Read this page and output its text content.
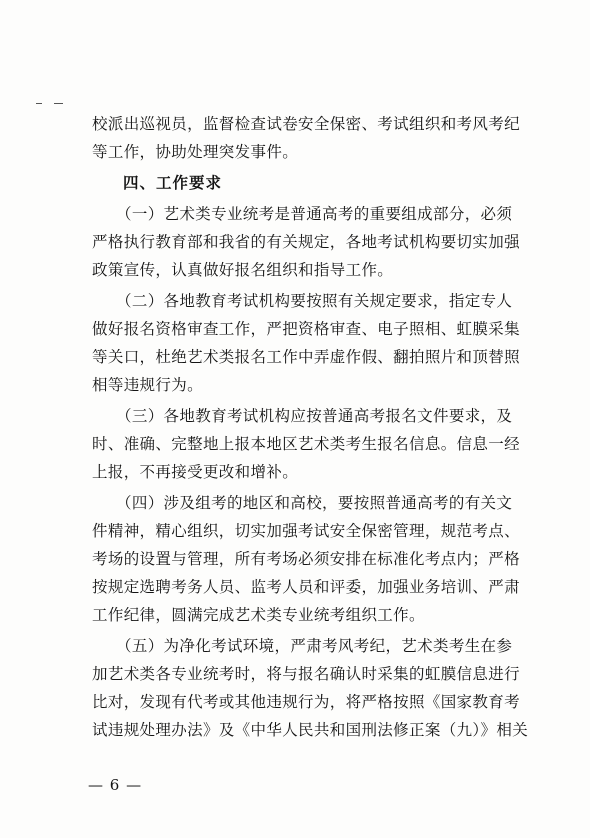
校派出巡视员，监督检查试卷安全保密、考试组织和考风考纪
等工作，协助处理突发事件。
四、工作要求
（一）艺术类专业统考是普通高考的重要组成部分，必须
严格执行教育部和我省的有关规定，各地考试机构要切实加强
政策宣传，认真做好报名组织和指导工作。
（二）各地教育考试机构要按照有关规定要求，指定专人
做好报名资格审查工作，严把资格审查、电子照相、虹膜采集
等关口，杜绝艺术类报名工作中弄虚作假、翻拍照片和顶替照
相等违规行为。
（三）各地教育考试机构应按普通高考报名文件要求，及
时、准确、完整地上报本地区艺术类考生报名信息。信息一经
上报，不再接受更改和增补。
（四）涉及组考的地区和高校，要按照普通高考的有关文
件精神，精心组织，切实加强考试安全保密管理，规范考点、
考场的设置与管理，所有考场必须安排在标准化考点内；严格
按规定选聘考务人员、监考人员和评委，加强业务培训、严肃
工作纪律，圆满完成艺术类专业统考组织工作。
（五）为净化考试环境，严肃考风考纪，艺术类考生在参
加艺术类各专业统考时，将与报名确认时采集的虹膜信息进行
比对，发现有代考或其他违规行为，将严格按照《国家教育考
试违规处理办法》及《中华人民共和国刑法修正案（九）》相关
— 6 —
